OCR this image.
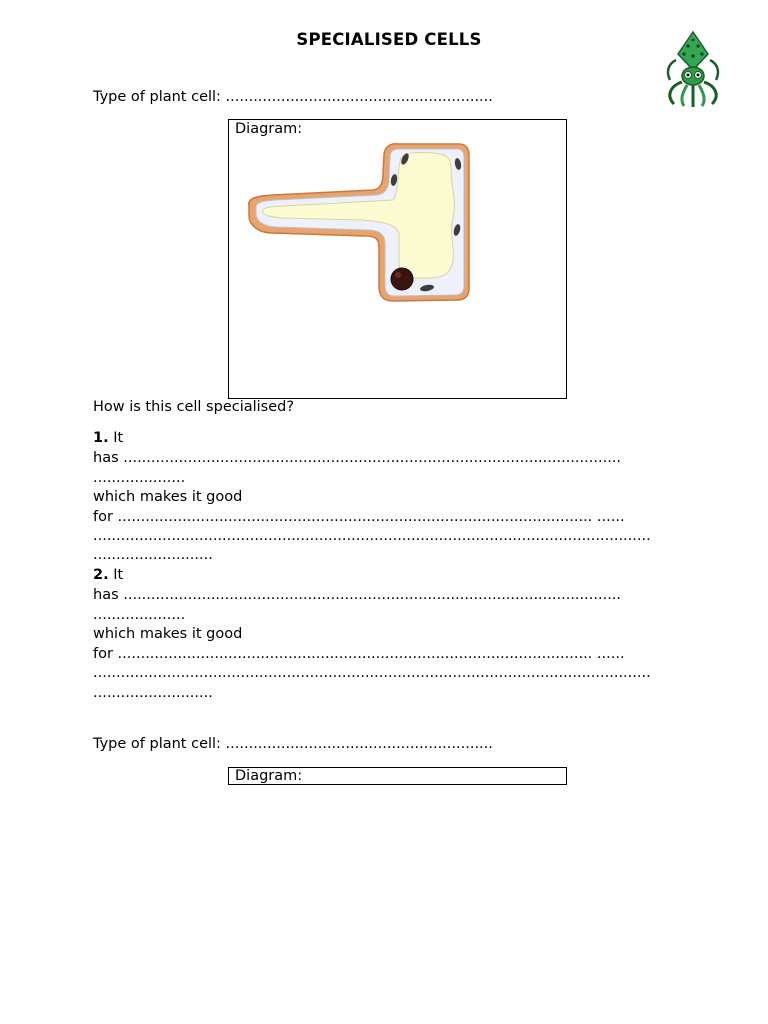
SPECIALISED CELLS
Type of plant cell: ..........................................................
Diagram:
How is this cell specialised?
1. It
has ............................................................................................................
....................
which makes it good
for ....................................................................................................... ......
.........................................................................................................................
..........................
2. It
has ............................................................................................................
....................
which makes it good
for ....................................................................................................... ......
.........................................................................................................................
..........................
Type of plant cell: ..........................................................
Diagram:
